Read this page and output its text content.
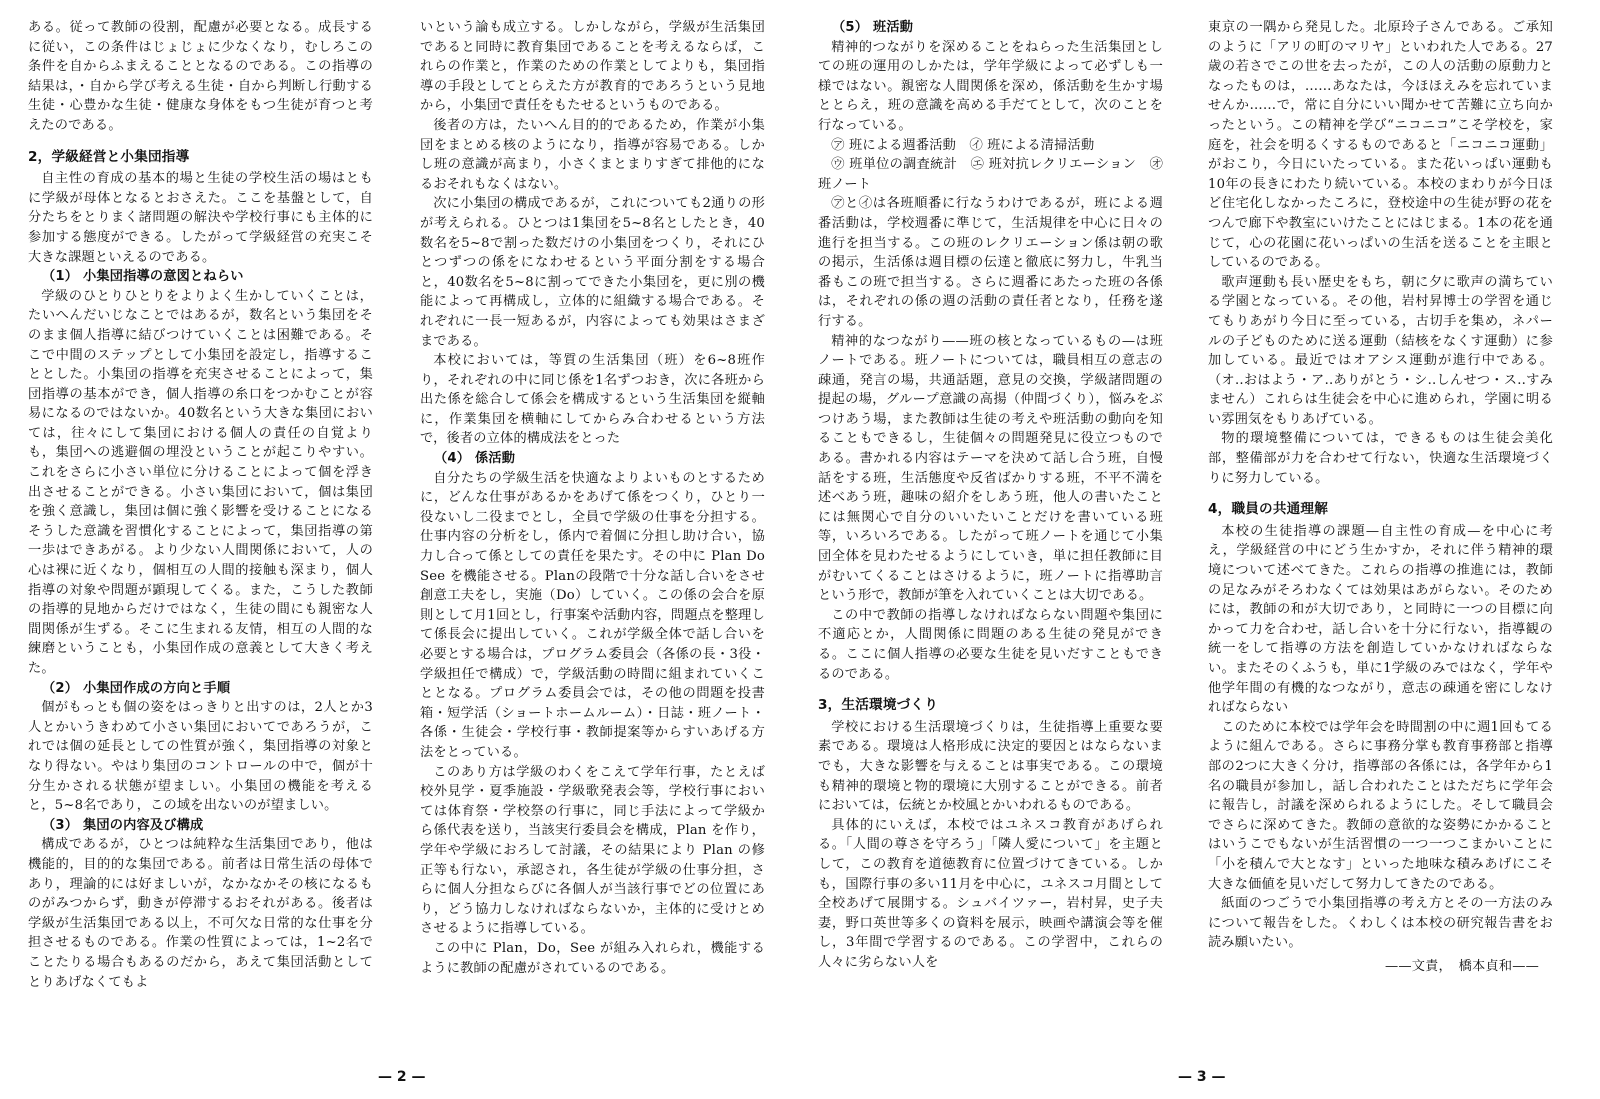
ある。従って教師の役割，配慮が必要となる。成長するに従い，この条件はじょじょに少なくなり，むしろこの条件を自からふまえることとなるのである。この指導の結果は，・自から学び考える生徒・自から判断し行動する生徒・心豊かな生徒・健康な身体をもつ生徒が育つと考えたのである。

2，学級経営と小集団指導

自主性の育成の基本的場と生徒の学校生活の場はともに学級が母体となるとおさえた。ここを基盤として，自分たちをとりまく諸問題の解決や学校行事にも主体的に参加する態度ができる。したがって学級経営の充実こそ大きな課題といえるのである。

（1） 小集団指導の意図とねらい

学級のひとりひとりをよりよく生かしていくことは，たいへんだいじなことではあるが，数名という集団をそのまま個人指導に結びつけていくことは困難である。そこで中間のステップとして小集団を設定し，指導することとした。小集団の指導を充実させることによって，集団指導の基本ができ，個人指導の糸口をつかむことが容易になるのではないか。40数名という大きな集団においては，往々にして集団における個人の責任の自覚よりも，集団への逃避個の埋没ということが起こりやすい。これをさらに小さい単位に分けることによって個を浮き出させることができる。小さい集団において，個は集団を強く意識し，集団は個に強く影響を受けることになるそうした意識を習慣化することによって，集団指導の第一歩はできあがる。より少ない人間関係において，人の心は裸に近くなり，個相互の人間的接触も深まり，個人指導の対象や問題が顕現してくる。また，こうした教師の指導的見地からだけではなく，生徒の間にも親密な人間関係が生ずる。そこに生まれる友情，相互の人間的な練磨ということも，小集団作成の意義として大きく考えた。

（2） 小集団作成の方向と手順

個がもっとも個の姿をはっきりと出すのは，2人とか3人とかいうきわめて小さい集団においてであろうが，これでは個の延長としての性質が強く，集団指導の対象となり得ない。やはり集団のコントロールの中で，個が十分生かされる状態が望ましい。小集団の機能を考えると，5~8名であり，この域を出ないのが望ましい。

（3） 集団の内容及び構成

構成であるが，ひとつは純粋な生活集団であり，他は機能的，目的的な集団である。前者は日常生活の母体であり，理論的には好ましいが，なかなかその核になるものがみつからず，動きが停滞するおそれがある。後者は学級が生活集団である以上，不可欠な日常的な仕事を分担させるものである。作業の性質によっては，1~2名でことたりる場合もあるのだから，あえて集団活動としてとりあげなくてもよ

いという論も成立する。しかしながら，学級が生活集団であると同時に教育集団であることを考えるならば，これらの作業と，作業のための作業としてよりも，集団指導の手段としてとらえた方が教育的であろうという見地から，小集団で責任をもたせるというものである。

後者の方は，たいへん目的的であるため，作業が小集団をまとめる核のようになり，指導が容易である。しかし班の意識が高まり，小さくまとまりすぎて排他的になるおそれもなくはない。

次に小集団の構成であるが，これについても2通りの形が考えられる。ひとつは1集団を5~8名としたとき，40数名を5~8で割った数だけの小集団をつくり，それにひとつずつの係をになわせるという平面分割をする場合と，40数名を5~8に割ってできた小集団を，更に別の機能によって再構成し，立体的に組織する場合である。それぞれに一長一短あるが，内容によっても効果はさまざまである。

本校においては，等質の生活集団（班）を6~8班作り，それぞれの中に同じ係を1名ずつおき，次に各班から出た係を総合して係会を構成するという生活集団を縦軸に，作業集団を横軸にしてからみ合わせるという方法で，後者の立体的構成法をとった

（4） 係活動

自分たちの学級生活を快適なよりよいものとするために，どんな仕事があるかをあげて係をつくり，ひとり一役ないし二役までとし，全員で学級の仕事を分担する。仕事内容の分析をし，係内で着個に分担し助け合い，協力し合って係としての責任を果たす。その中に Plan Do See を機能させる。Planの段階で十分な話し合いをさせ創意工夫をし，実施（Do）していく。この係の会合を原則として月1回とし，行事案や活動内容，問題点を整理して係長会に提出していく。これが学級全体で話し合いを必要とする場合は，プログラム委員会（各係の長・3役・学級担任で構成）で，学級活動の時間に組まれていくこととなる。プログラム委員会では，その他の問題を投書箱・短学活（ショートホームルーム）・日誌・班ノート・各係・生徒会・学校行事・教師提案等からすいあげる方法をとっている。

このあり方は学級のわくをこえて学年行事，たとえば校外見学・夏季施設・学級歌発表会等，学校行事においては体育祭・学校祭の行事に，同じ手法によって学級から係代表を送り，当該実行委員会を構成，Plan を作り，学年や学級におろして討議，その結果により Plan の修正等も行ない，承認され，各生徒が学級の仕事分担，さらに個人分担ならびに各個人が当該行事でどの位置にあり，どう協力しなければならないか，主体的に受けとめさせるように指導している。

この中に Plan，Do，See が組み入れられ，機能するように教師の配慮がされているのである。

— 2 —
（5） 班活動

精神的つながりを深めることをねらった生活集団としての班の運用のしかたは，学年学級によって必ずしも一様ではない。親密な人間関係を深め，係活動を生かす場ととらえ，班の意識を高める手だてとして，次のことを行なっている。

㋐ 班による週番活動　㋑ 班による清掃活動

㋒ 班単位の調査統計　㋓ 班対抗レクリエーション　㋔ 班ノート

㋐と㋑は各班順番に行なうわけであるが，班による週番活動は，学校週番に準じて，生活規律を中心に日々の進行を担当する。この班のレクリエーション係は朝の歌の掲示，生活係は週目標の伝達と徹底に努力し，牛乳当番もこの班で担当する。さらに週番にあたった班の各係は，それぞれの係の週の活動の責任者となり，任務を遂行する。

精神的なつながり——班の核となっているもの—は班ノートである。班ノートについては，職員相互の意志の疎通，発言の場，共通話題，意見の交換，学級諸問題の提起の場，グループ意識の高揚（仲間づくり），悩みをぶつけあう場，また教師は生徒の考えや班活動の動向を知ることもできるし，生徒個々の問題発見に役立つものである。書かれる内容はテーマを決めて話し合う班，自慢話をする班，生活態度や反省ばかりする班，不平不満を述べあう班，趣味の紹介をしあう班，他人の書いたことには無関心で自分のいいたいことだけを書いている班等，いろいろである。したがって班ノートを通じて小集団全体を見わたせるようにしていき，単に担任教師に目がむいてくることはさけるように，班ノートに指導助言という形で，教師が筆を入れていくことは大切である。

この中で教師の指導しなければならない問題や集団に不適応とか，人間関係に問題のある生徒の発見ができる。ここに個人指導の必要な生徒を見いだすこともできるのである。

3，生活環境づくり

学校における生活環境づくりは，生徒指導上重要な要素である。環境は人格形成に決定的要因とはならないまでも，大きな影響を与えることは事実である。この環境も精神的環境と物的環境に大別することができる。前者においては，伝統とか校風とかいわれるものである。

具体的にいえば，本校ではユネスコ教育があげられる。「人間の尊さを守ろう」「隣人愛について」を主題として，この教育を道徳教育に位置づけてきている。しかも，国際行事の多い11月を中心に，ユネスコ月間として全校あげて展開する。シュバイツァー，岩村昇，史子夫妻，野口英世等多くの資料を展示，映画や講演会等を催し，3年間で学習するのである。この学習中，これらの人々に劣らない人を

東京の一隅から発見した。北原玲子さんである。ご承知のように「アリの町のマリヤ」といわれた人である。27歳の若さでこの世を去ったが，この人の活動の原動力となったものは，……あなたは，今ほほえみを忘れていませんか……で，常に自分にいい聞かせて苦難に立ち向かったという。この精神を学び“ニコニコ”こそ学校を，家庭を，社会を明るくするものであると「ニコニコ運動」がおこり，今日にいたっている。また花いっぱい運動も10年の長きにわたり続いている。本校のまわりが今日ほど住宅化しなかったころに，登校途中の生徒が野の花をつんで廊下や教室にいけたことにはじまる。1本の花を通じて，心の花園に花いっぱいの生活を送ることを主眼としているのである。

歌声運動も長い歴史をもち，朝に夕に歌声の満ちている学園となっている。その他，岩村昇博士の学習を通じてもりあがり今日に至っている，古切手を集め，ネパールの子どものために送る運動（結核をなくす運動）に参加している。最近ではオアシス運動が進行中である。（オ‥おはよう・ア‥ありがとう・シ‥しんせつ・ス‥すみません）これらは生徒会を中心に進められ，学園に明るい雰囲気をもりあげている。

物的環境整備については，できるものは生徒会美化部，整備部が力を合わせて行ない，快適な生活環境づくりに努力している。

4，職員の共通理解

本校の生徒指導の課題—自主性の育成—を中心に考え，学級経営の中にどう生かすか，それに伴う精神的環境について述べてきた。これらの指導の推進には，教師の足なみがそろわなくては効果はあがらない。そのためには，教師の和が大切であり，と同時に一つの目標に向かって力を合わせ，話し合いを十分に行ない，指導観の統一をして指導の方法を創造していかなければならない。またそのくふうも，単に1学級のみではなく，学年や他学年間の有機的なつながり，意志の疎通を密にしなければならない

このために本校では学年会を時間割の中に週1回もてるように組んである。さらに事務分掌も教育事務部と指導部の2つに大きく分け，指導部の各係には，各学年から1名の職員が参加し，話し合われたことはただちに学年会に報告し，討議を深められるようにした。そして職員会でさらに深めてきた。教師の意欲的な姿勢にかかることはいうこでもないが生活習慣の一つ一つこまかいことに「小を積んで大となす」といった地味な積みあげにこそ大きな価値を見いだして努力してきたのである。

紙面のつごうで小集団指導の考え方とその一方法のみについて報告をした。くわしくは本校の研究報告書をお読み願いたい。

——文責，　橋本貞和——
— 3 —
